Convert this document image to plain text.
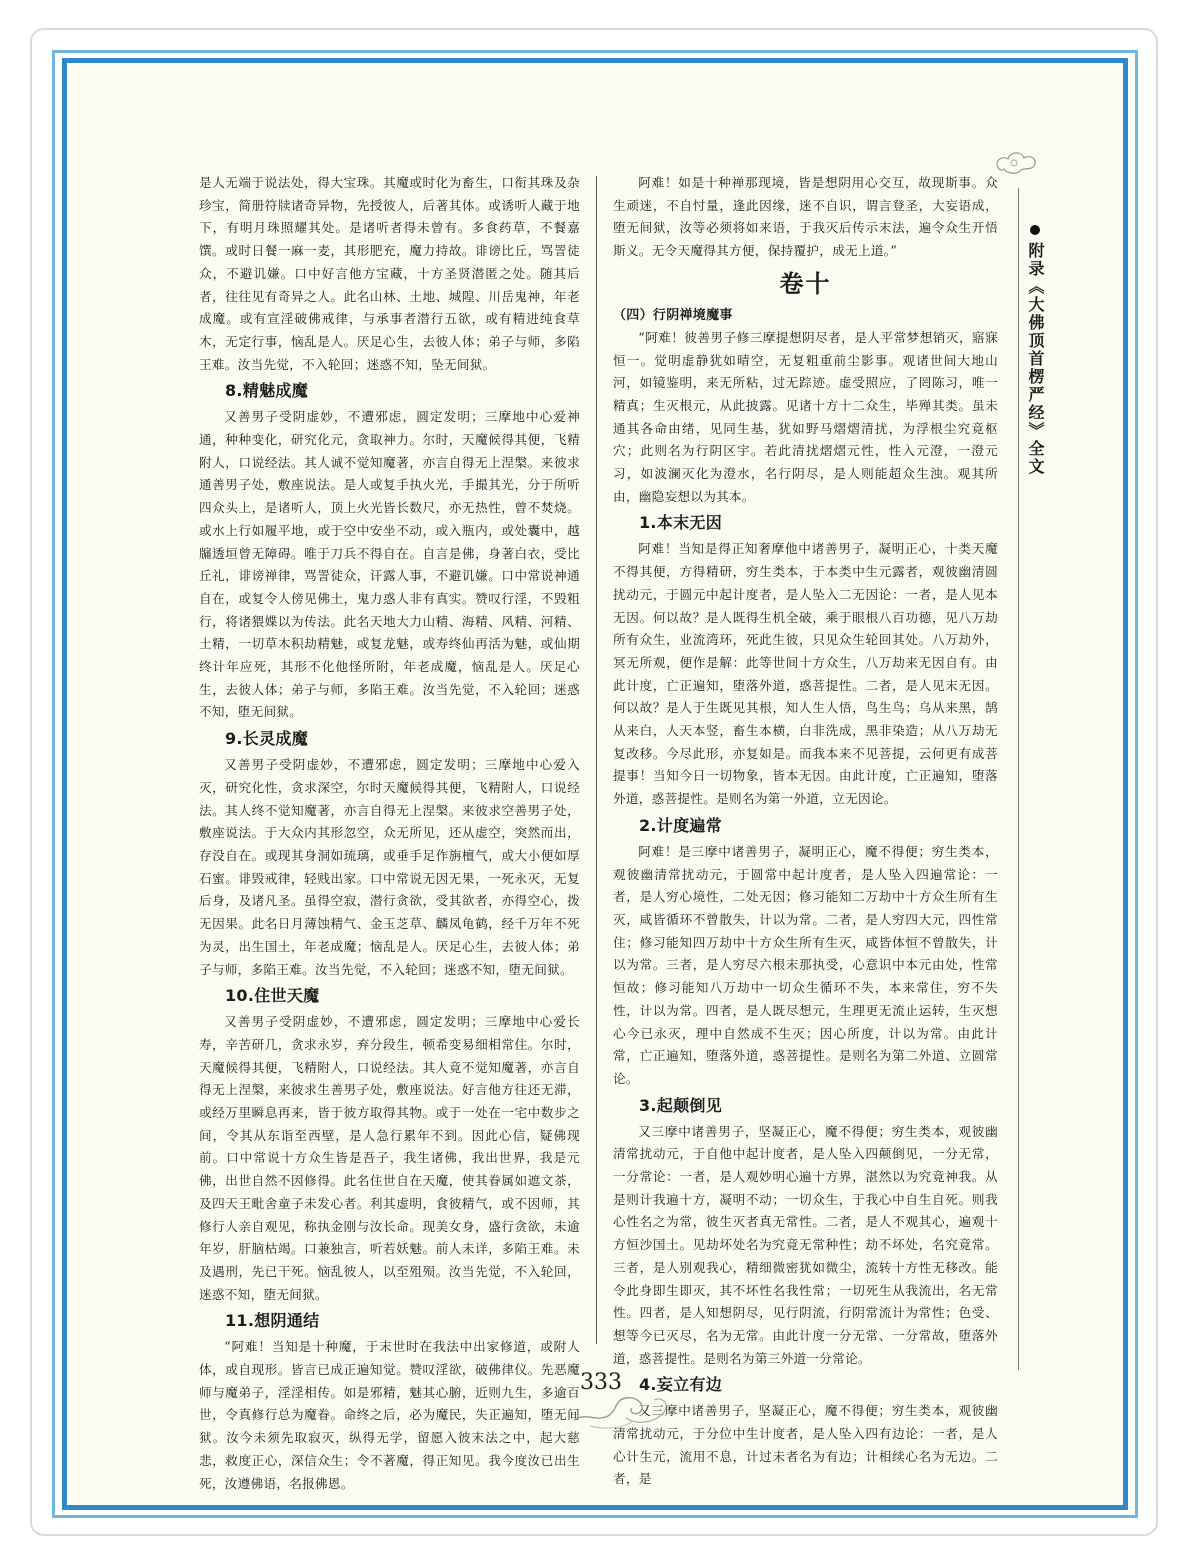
是人无端于说法处，得大宝珠。其魔或时化为畜生，口衔其珠及杂珍宝，简册符牍诸奇异物，先授彼人，后著其体。或诱听人藏于地下，有明月珠照耀其处。是诸听者得未曾有。多食药草，不餐嘉馔。或时日餐一麻一麦，其形肥充，魔力持故。诽谤比丘，骂詈徒众，不避讥嫌。口中好言他方宝藏，十方圣贤潜匿之处。随其后者，往往见有奇异之人。此名山林、土地、城隍、川岳鬼神，年老成魔。或有宣淫破佛戒律，与承事者潜行五欲，或有精进纯食草木，无定行事，恼乱是人。厌足心生，去彼人体；弟子与师，多陷王难。汝当先觉，不入轮回；迷惑不知，坠无间狱。

8.精魅成魔

又善男子受阴虚妙，不遭邪虑，圆定发明；三摩地中心爱神通，种种变化，研究化元，贪取神力。尔时，天魔候得其便，飞精附人，口说经法。其人诚不觉知魔著，亦言自得无上涅槃。来彼求通善男子处，敷座说法。是人或复手执火光，手撮其光，分于所听四众头上，是诸听人，顶上火光皆长数尺，亦无热性，曾不焚烧。或水上行如履平地，或于空中安坐不动，或入瓶内，或处囊中，越牖透垣曾无障碍。唯于刀兵不得自在。自言是佛，身著白衣，受比丘礼，诽谤禅律，骂詈徒众，讦露人事，不避讥嫌。口中常说神通自在，或复令人傍见佛土，鬼力惑人非有真实。赞叹行淫，不毁粗行，将诸猥媟以为传法。此名天地大力山精、海精、风精、河精、土精，一切草木积劫精魅，或复龙魅，或寿终仙再活为魅，或仙期终计年应死，其形不化他怪所附，年老成魔，恼乱是人。厌足心生，去彼人体；弟子与师，多陷王难。汝当先觉，不入轮回；迷惑不知，堕无间狱。

9.长灵成魔

又善男子受阴虚妙，不遭邪虑，圆定发明；三摩地中心爱入灭，研究化性，贪求深空，尔时天魔候得其便，飞精附人，口说经法。其人终不觉知魔著，亦言自得无上涅槃。来彼求空善男子处，敷座说法。于大众内其形忽空，众无所见，还从虚空，突然而出，存没自在。或现其身洞如琉璃，或垂手足作旃檀气，或大小便如厚石蜜。诽毁戒律，轻贱出家。口中常说无因无果，一死永灭，无复后身，及诸凡圣。虽得空寂，潜行贪欲，受其欲者，亦得空心，拨无因果。此名日月薄蚀精气、金玉芝草、麟凤龟鹤，经千万年不死为灵，出生国土，年老成魔；恼乱是人。厌足心生，去彼人体；弟子与师，多陷王难。汝当先觉，不入轮回；迷惑不知，堕无间狱。

10.住世天魔

又善男子受阴虚妙，不遭邪虑，圆定发明；三摩地中心爱长寿，辛苦研几，贪求永岁，弃分段生，顿希变易细相常住。尔时，天魔候得其便，飞精附人，口说经法。其人竟不觉知魔著，亦言自得无上涅槃，来彼求生善男子处，敷座说法。好言他方往还无滞，或经万里瞬息再来，皆于彼方取得其物。或于一处在一宅中数步之间，令其从东诣至西壁，是人急行累年不到。因此心信，疑佛现前。口中常说十方众生皆是吾子，我生诸佛，我出世界，我是元佛，出世自然不因修得。此名住世自在天魔，使其眷属如遮文茶，及四天王毗舍童子未发心者。利其虚明，食彼精气，或不因师，其修行人亲自观见，称执金刚与汝长命。现美女身，盛行贪欲，未逾年岁，肝脑枯竭。口兼独言，听若妖魅。前人未详，多陷王难。未及遇刑，先已干死。恼乱彼人，以至殂殒。汝当先觉，不入轮回，迷惑不知，堕无间狱。

11.想阴通结

“阿难！当知是十种魔，于末世时在我法中出家修道，或附人体，或自现形。皆言已成正遍知觉。赞叹淫欲，破佛律仪。先恶魔师与魔弟子，淫淫相传。如是邪精，魅其心腑，近则九生，多逾百世，令真修行总为魔眷。命终之后，必为魔民，失正遍知，堕无间狱。汝今未须先取寂灭，纵得无学，留愿入彼末法之中，起大慈悲，救度正心，深信众生；令不著魔，得正知见。我今度汝已出生死，汝遵佛语，名报佛恩。

阿难！如是十种禅那现境，皆是想阴用心交互，故现斯事。众生顽迷，不自忖量，逢此因缘，迷不自识，谓言登圣，大妄语成，堕无间狱，汝等必须将如来语，于我灭后传示末法，遍令众生开悟斯义。无令天魔得其方便，保持覆护，成无上道。”

卷十
（四）行阴禅境魔事

“阿难！彼善男子修三摩提想阴尽者，是人平常梦想销灭，寤寐恒一。觉明虚静犹如晴空，无复粗重前尘影事。观诸世间大地山河，如镜鉴明，来无所粘，过无踪迹。虚受照应，了罔陈习，唯一精真；生灭根元，从此披露。见诸十方十二众生，毕殚其类。虽未通其各命由绪，见同生基，犹如野马熠熠清扰，为浮根尘究竟枢穴；此则名为行阴区宇。若此清扰熠熠元性，性入元澄，一澄元习，如波澜灭化为澄水，名行阴尽，是人则能超众生浊。观其所由，幽隐妄想以为其本。

1.本末无因

阿难！当知是得正知奢摩他中诸善男子，凝明正心，十类天魔不得其便，方得精研，穷生类本，于本类中生元露者，观彼幽清圆扰动元，于圆元中起计度者，是人坠入二无因论：一者，是人见本无因。何以故？是人既得生机全破，乘于眼根八百功德，见八万劫所有众生，业流湾环，死此生彼，只见众生轮回其处。八万劫外，冥无所观，便作是解：此等世间十方众生，八万劫来无因自有。由此计度，亡正遍知，堕落外道，惑菩提性。二者，是人见末无因。何以故？是人于生既见其根，知人生人悟，鸟生鸟；乌从来黑，鹄从来白，人天本竖，畜生本横，白非洗成，黑非染造；从八万劫无复改移。今尽此形，亦复如是。而我本来不见菩提，云何更有成菩提事！当知今日一切物象，皆本无因。由此计度，亡正遍知，堕落外道，惑菩提性。是则名为第一外道，立无因论。

2.计度遍常

阿难！是三摩中诸善男子，凝明正心，魔不得便；穷生类本，观彼幽清常扰动元，于圆常中起计度者，是人坠入四遍常论：一者，是人穷心境性，二处无因；修习能知二万劫中十方众生所有生灭，咸皆循环不曾散失，计以为常。二者，是人穷四大元，四性常住；修习能知四万劫中十方众生所有生灭，咸皆体恒不曾散失，计以为常。三者，是人穷尽六根末那执受，心意识中本元由处，性常恒故；修习能知八万劫中一切众生循环不失，本来常住，穷不失性，计以为常。四者，是人既尽想元，生理更无流止运转，生灭想心今已永灭，理中自然成不生灭；因心所度，计以为常。由此计常，亡正遍知，堕落外道，惑菩提性。是则名为第二外道、立圆常论。

3.起颠倒见

又三摩中诸善男子，坚凝正心，魔不得便；穷生类本，观彼幽清常扰动元，于自他中起计度者，是人坠入四颠倒见，一分无常，一分常论：一者，是人观妙明心遍十方界，湛然以为究竟神我。从是则计我遍十方，凝明不动；一切众生，于我心中自生自死。则我心性名之为常，彼生灭者真无常性。二者，是人不观其心，遍观十方恒沙国土。见劫坏处名为究竟无常种性；劫不坏处，名究竟常。三者，是人别观我心，精细微密犹如微尘，流转十方性无移改。能令此身即生即灭，其不坏性名我性常；一切死生从我流出，名无常性。四者，是人知想阴尽，见行阴流，行阴常流计为常性；色受、想等今已灭尽，名为无常。由此计度一分无常、一分常故，堕落外道，惑菩提性。是则名为第三外道一分常论。

4.妄立有边

又三摩中诸善男子，坚凝正心，魔不得便；穷生类本，观彼幽清常扰动元，于分位中生计度者，是人坠入四有边论：一者，是人心计生元，流用不息，计过未者名为有边；计相续心名为无边。二者，是

附录《大佛顶首楞严经》全文
333
